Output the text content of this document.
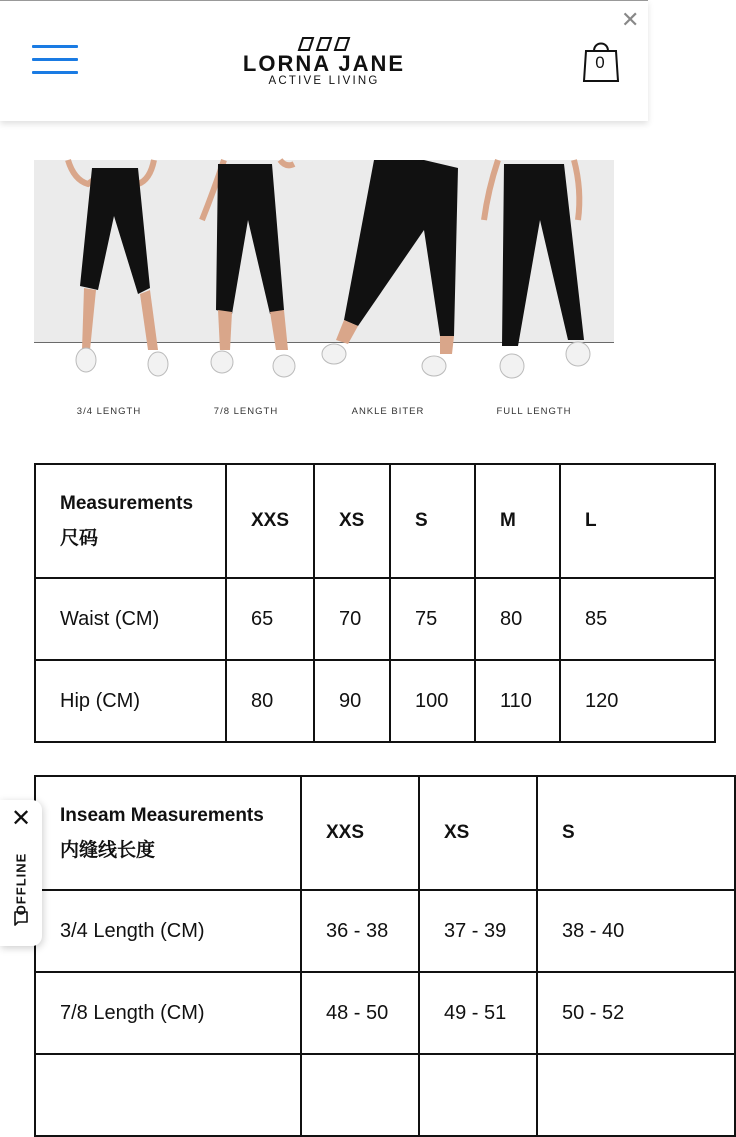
LORNA JANE
ACTIVE LIVING
0
✕
3/4 LENGTH	7/8 LENGTH	ANKLE BITER	FULL LENGTH
Measurements
尺码	XXS	XS	S	M	L
Waist (CM)	65	70	75	80	85
Hip (CM)	80	90	100	110	120
Inseam Measurements
内缝线长度	XXS	XS	S
3/4 Length (CM)	36 - 38	37 - 39	38 - 40
7/8 Length (CM)	48 - 50	49 - 51	50 - 52

✕
OFFLINE
